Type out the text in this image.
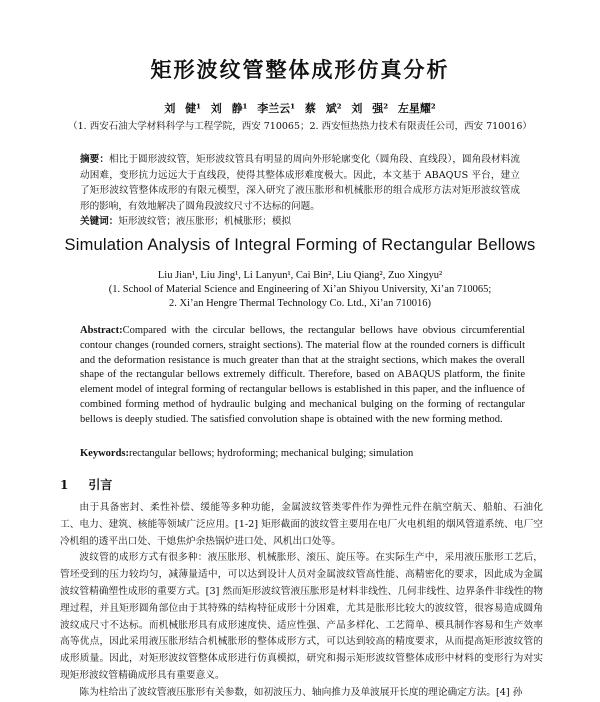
矩形波纹管整体成形仿真分析
刘 健¹ 刘 静¹ 李兰云¹ 蔡 斌² 刘 强² 左星耀²
（1. 西安石油大学材料科学与工程学院，西安 710065；2. 西安恒热热力技术有限责任公司，西安 710016）
摘要：相比于圆形波纹管，矩形波纹管具有明显的周向外形轮廓变化（圆角段、直线段），圆角段材料流动困难，变形抗力远远大于直线段，使得其整体成形难度极大。因此，本文基于 ABAQUS 平台，建立了矩形波纹管整体成形的有限元模型，深入研究了液压胀形和机械胀形的组合成形方法对矩形波纹管成形的影响，有效地解决了圆角段波纹尺寸不达标的问题。
关键词：矩形波纹管；液压胀形；机械胀形；模拟
Simulation Analysis of Integral Forming of Rectangular Bellows
Liu Jian¹, Liu Jing¹, Li Lanyun¹, Cai Bin², Liu Qiang², Zuo Xingyu²
(1. School of Material Science and Engineering of Xi’an Shiyou University, Xi’an 710065;
2. Xi’an Hengre Thermal Technology Co. Ltd., Xi’an 710016)
Abstract:Compared with the circular bellows, the rectangular bellows have obvious circumferential contour changes (rounded corners, straight sections). The material flow at the rounded corners is difficult and the deformation resistance is much greater than that at the straight sections, which makes the overall shape of the rectangular bellows extremely difficult. Therefore, based on ABAQUS platform, the finite element model of integral forming of rectangular bellows is established in this paper, and the influence of combined forming method of hydraulic bulging and mechanical bulging on the forming of rectangular bellows is deeply studied. The satisfied convolution shape is obtained with the new forming method.
Keywords:rectangular bellows; hydroforming; mechanical bulging; simulation
1 引言

由于具备密封、柔性补偿、缓能等多种功能，金属波纹管类零件作为弹性元件在航空航天、船舶、石油化工、电力、建筑、核能等领域广泛应用。[1-2] 矩形截面的波纹管主要用在电厂火电机组的烟风管道系统、电厂空冷机组的透平出口处、干熄焦炉余热锅炉进口处、风机出口处等。

波纹管的成形方式有很多种：液压胀形、机械胀形、滚压、旋压等。在实际生产中，采用液压胀形工艺后，管坯受到的压力较均匀，减薄量适中，可以达到设计人员对金属波纹管高性能、高精密化的要求，因此成为金属波纹管精确塑性成形的重要方式。[3] 然而矩形波纹管液压胀形是材料非线性、几何非线性、边界条件非线性的物理过程，并且矩形圆角部位由于其特殊的结构特征成形十分困难，尤其是胀形比较大的波纹管，很容易造成圆角波纹成尺寸不达标。而机械胀形具有成形速度快、适应性强、产品多样化、工艺简单、模具制作容易和生产效率高等优点，因此采用液压胀形结合机械胀形的整体成形方式，可以达到较高的精度要求，从而提高矩形波纹管的成形质量。因此，对矩形波纹管整体成形进行仿真模拟，研究和揭示矩形波纹管整体成形中材料的变形行为对实现矩形波纹管精确成形具有重要意义。

陈为柱给出了波纹管液压胀形有关参数，如初波压力、轴向推力及单波展开长度的理论确定方法。[4] 孙
